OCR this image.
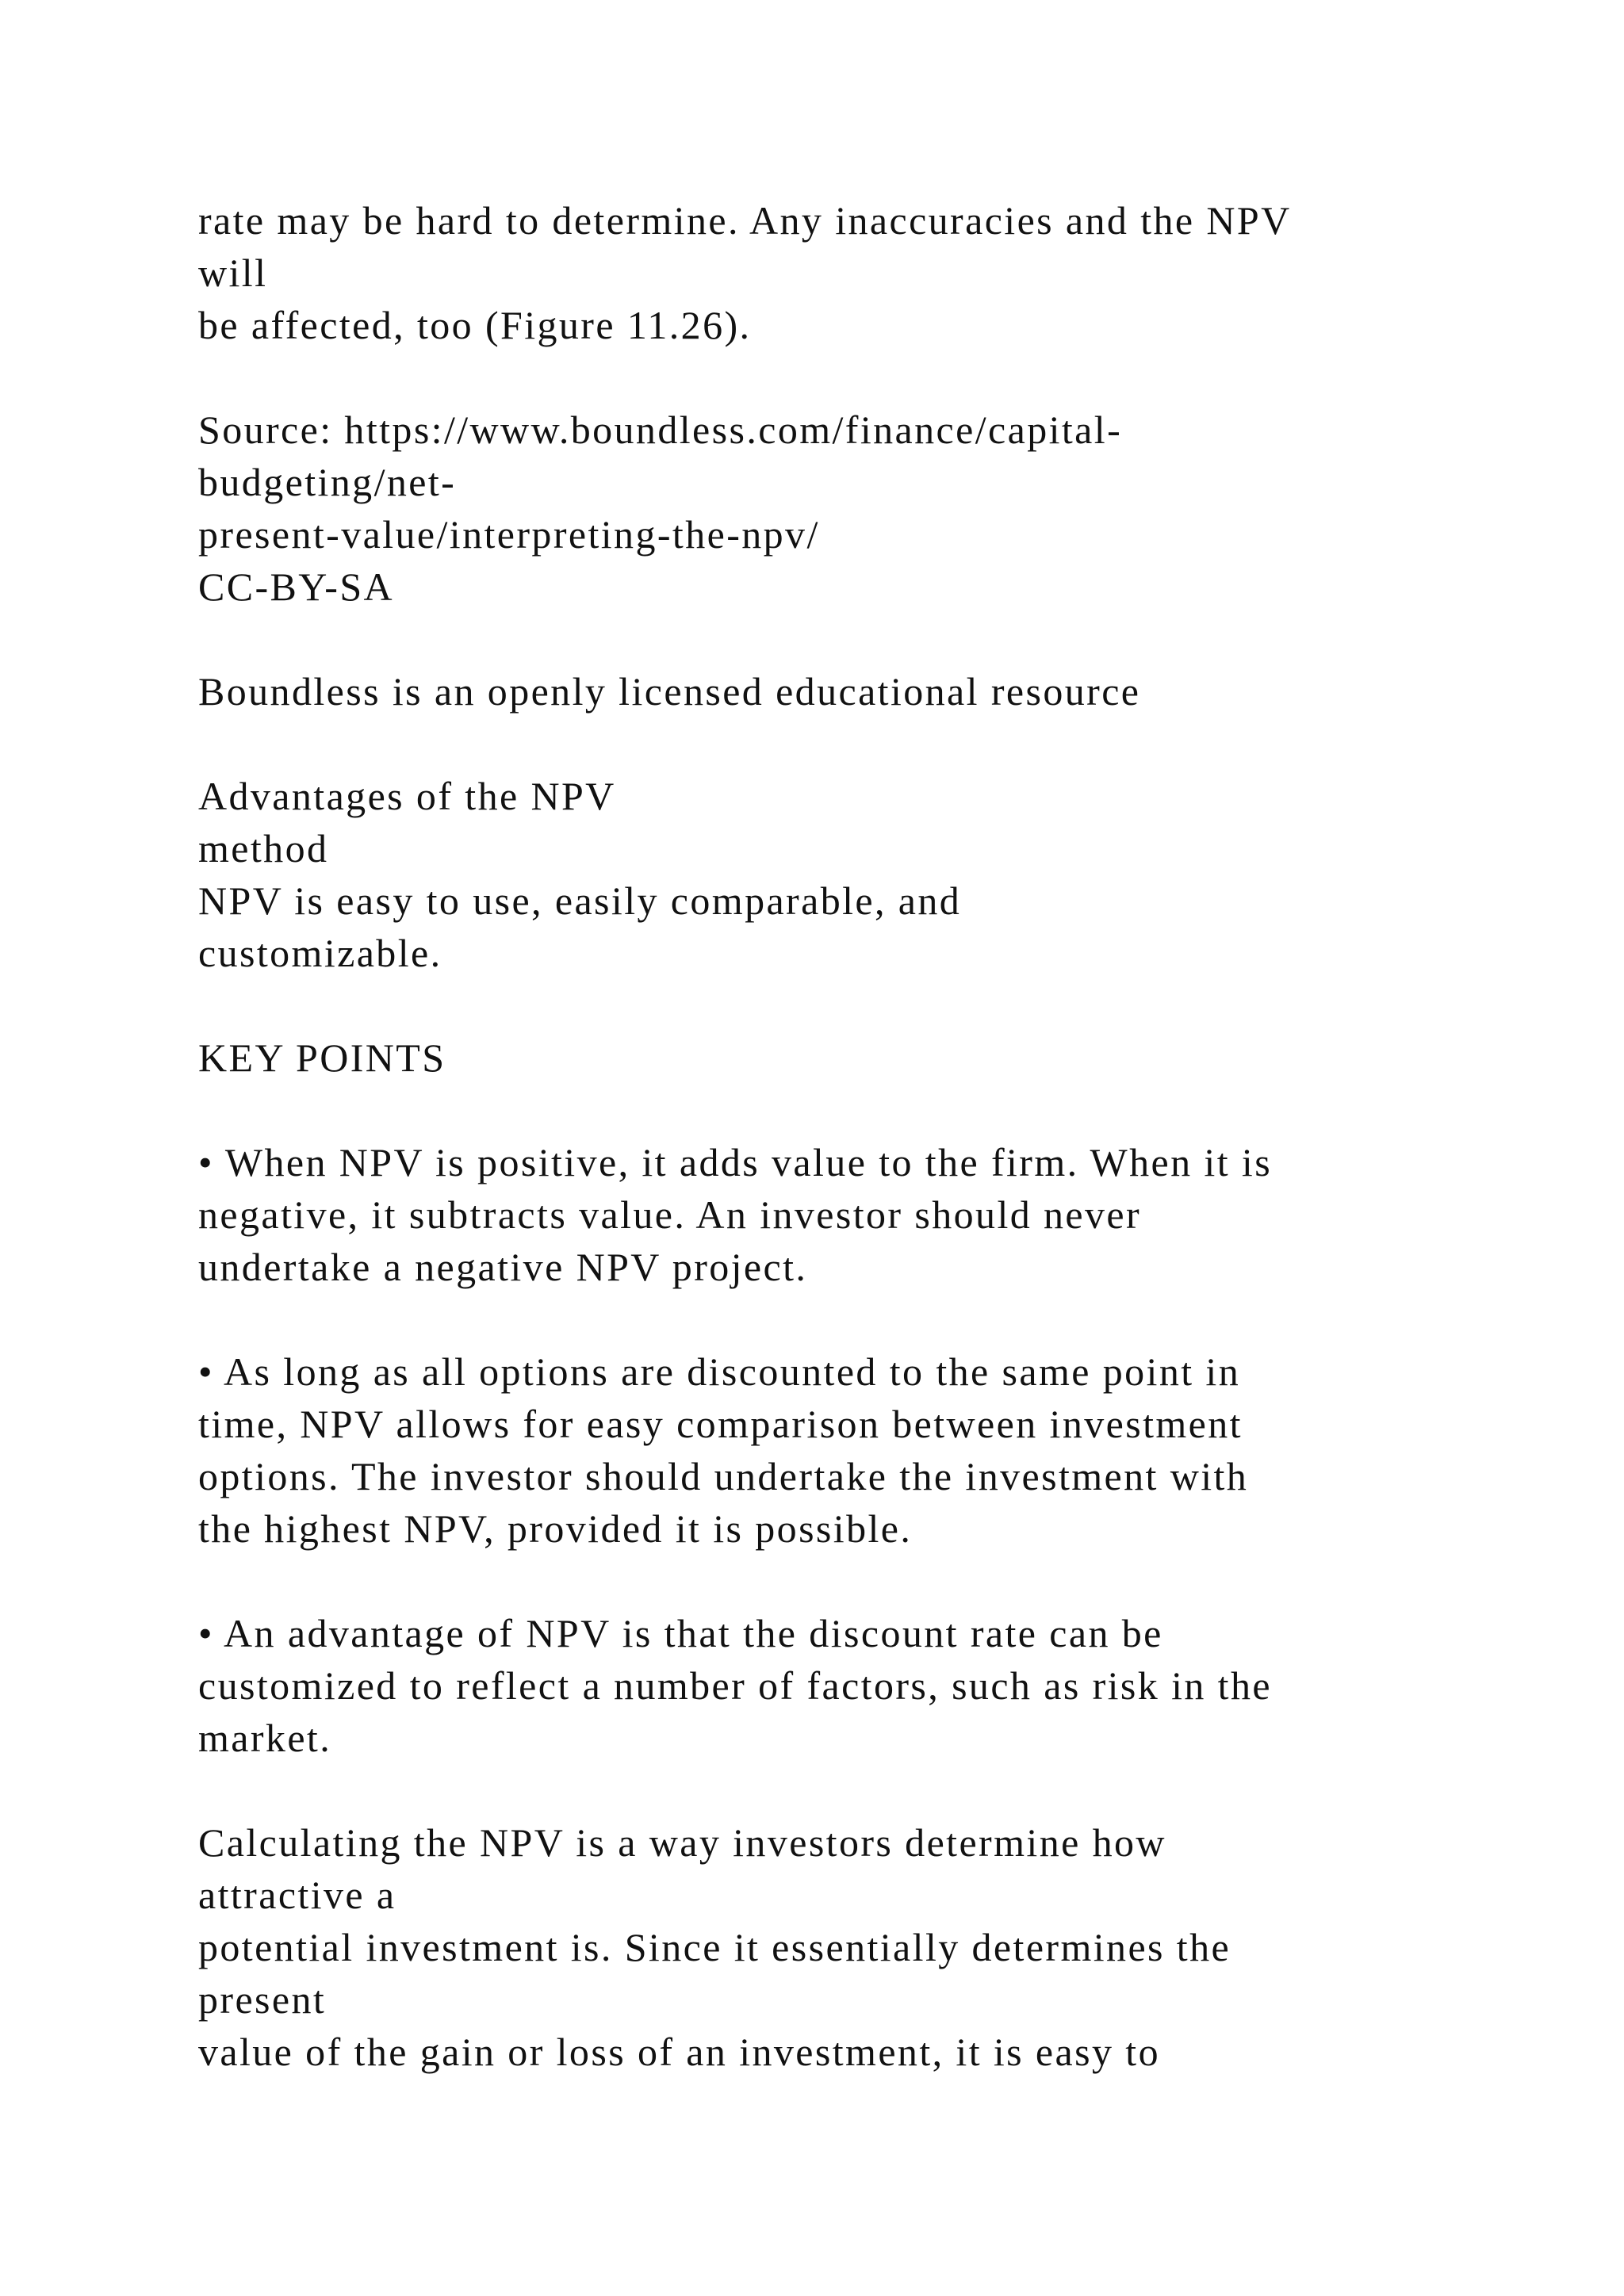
rate may be hard to determine. Any inaccuracies and the NPV
will
be affected, too (Figure 11.26).
Source: https://www.boundless.com/finance/capital-
budgeting/net-
present-value/interpreting-the-npv/
CC-BY-SA
Boundless is an openly licensed educational resource
Advantages of the NPV
method
NPV is easy to use, easily comparable, and
customizable.
KEY POINTS
• When NPV is positive, it adds value to the firm. When it is
negative, it subtracts value. An investor should never
undertake a negative NPV project.
• As long as all options are discounted to the same point in
time, NPV allows for easy comparison between investment
options. The investor should undertake the investment with
the highest NPV, provided it is possible.
• An advantage of NPV is that the discount rate can be
customized to reflect a number of factors, such as risk in the
market.
Calculating the NPV is a way investors determine how
attractive a
potential investment is. Since it essentially determines the
present
value of the gain or loss of an investment, it is easy to
